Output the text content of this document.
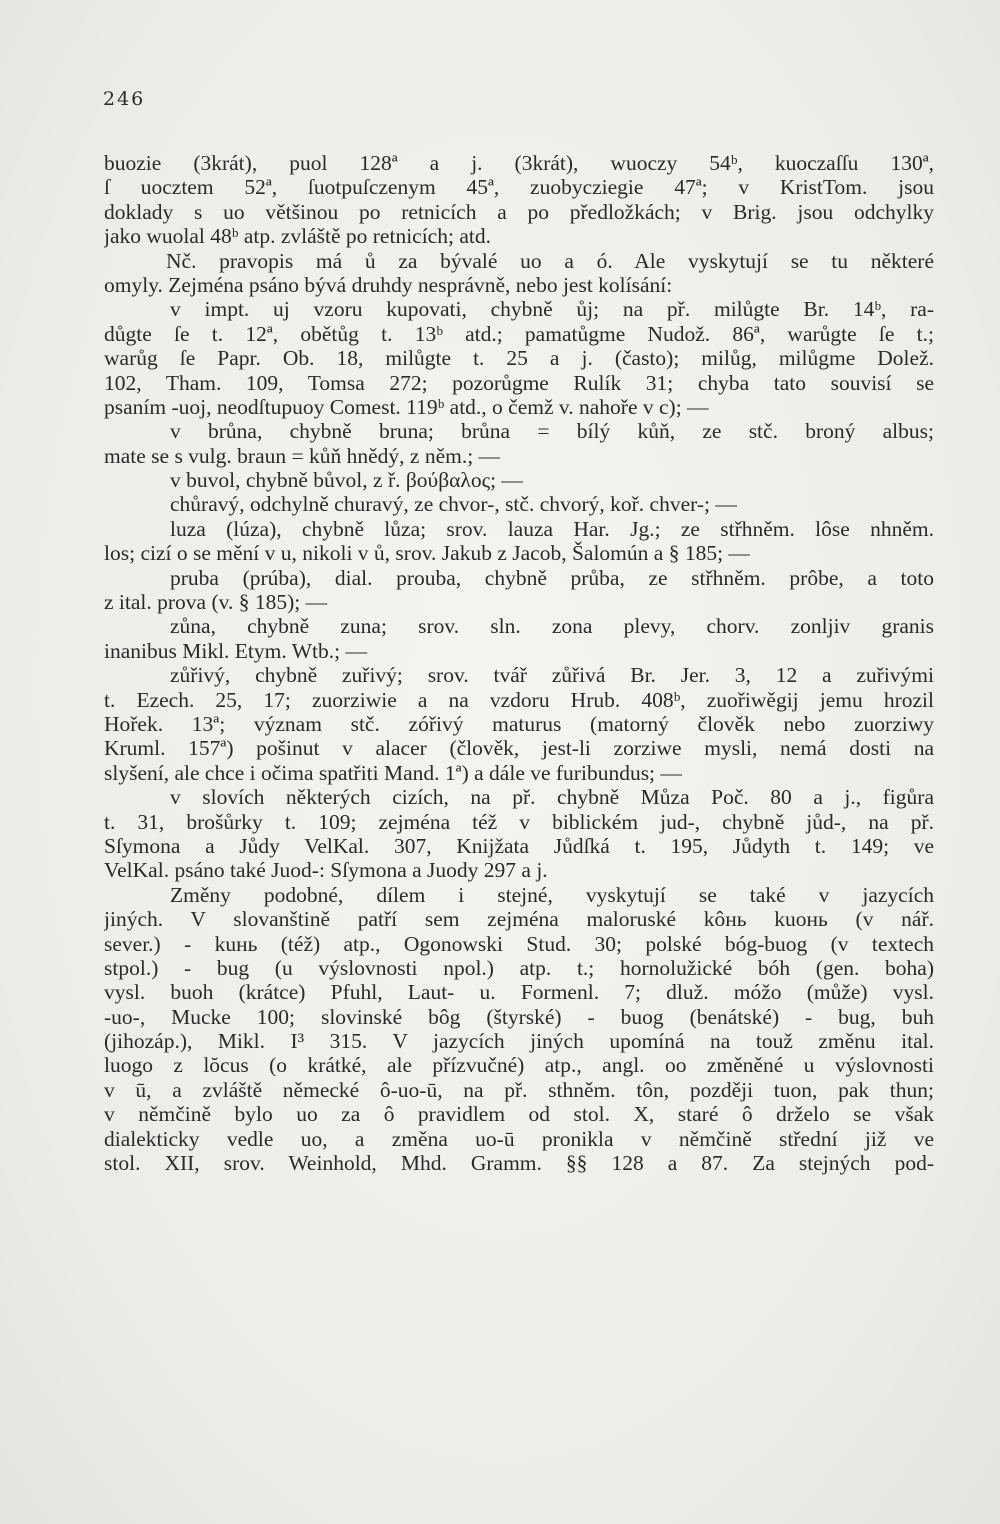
246
buozie (3krát), puol 128ª a j. (3krát), wuoczy 54ᵇ, kuoczaſſu 130ª,
ſ uocztem 52ª, ſuotpuſczenym 45ª, zuobycziegie 47ª; v KristTom. jsou
doklady s uo většinou po retnicích a po předložkách; v Brig. jsou odchylky
jako wuolal 48ᵇ atp. zvláště po retnicích; atd.
Nč. pravopis má ů za bývalé uo a ó. Ale vyskytují se tu některé
omyly. Zejména psáno bývá druhdy nesprávně, nebo jest kolísání:
v impt. uj vzoru kupovati, chybně ůj; na př. milůgte Br. 14ᵇ, ra-
důgte ſe t. 12ª, obětůg t. 13ᵇ atd.; pamatůgme Nudož. 86ª, warůgte ſe t.;
warůg ſe Papr. Ob. 18, milůgte t. 25 a j. (často); milůg, milůgme Dolež.
102, Tham. 109, Tomsa 272; pozorůgme Rulík 31; chyba tato souvisí se
psaním -uoj, neodſtupuoy Comest. 119ᵇ atd., o čemž v. nahoře v c); —
v brůna, chybně bruna; brůna = bílý kůň, ze stč. broný albus;
mate se s vulg. braun = kůň hnědý, z něm.; —
v buvol, chybně bůvol, z ř. βούβαλος; —
chůravý, odchylně churavý, ze chvor-, stč. chvorý, koř. chver-; —
luza (lúza), chybně lůza; srov. lauza Har. Jg.; ze stř​hněm. lôse nhněm.
los; cizí o se mění v u, nikoli v ů, srov. Jakub z Jacob, Šalomún a § 185; —
pruba (prúba), dial. prouba, chybně průba, ze stř​hněm. prôbe, a toto
z ital. prova (v. § 185); —
zůna, chybně zuna; srov. sln. zona plevy, chorv. zonljiv granis
inanibus Mikl. Etym. Wtb.; —
zůřivý, chybně zuřivý; srov. tvář zůřivá Br. Jer. 3, 12 a zuřivými
t. Ezech. 25, 17; zuorziwie a na vzdoru Hrub. 408ᵇ, zuořiwěgij jemu hrozil
Hořek. 13ª; význam stč. zóřivý maturus (matorný člověk nebo zuorziwy
Kruml. 157ª) pošinut v alacer (člověk, jest-li zorziwe mysli, nemá dosti na
slyšení, ale chce i očima spatřiti Mand. 1ª) a dále ve furibundus; —
v slovích některých cizích, na př. chybně Můza Poč. 80 a j., figůra
t. 31, brošůrky t. 109; zejména též v biblickém jud-, chybně jůd-, na př.
Sſymona a Jůdy VelKal. 307, Knijžata Jůdſká t. 195, Jůdyth t. 149; ve
VelKal. psáno také Juod-: Sſymona a Juody 297 a j.
Změny podobné, dílem i stejné, vyskytují se také v jazycích
jiných. V slovanštině patří sem zejména maloruské kôнь kuoнь (v nář.
sever.) - kuнь (též) atp., Ogonowski Stud. 30; polské bóg-buog (v textech
stpol.) - bug (u výslovnosti npol.) atp. t.; hornolužické bóh (gen. boha)
vysl. buoh (krátce) Pfuhl, Laut- u. Formenl. 7; dluž. móžo (může) vysl.
-uo-, Mucke 100; slovinské bôg (štyrské) - buog (benátské) - bug, buh
(jihozáp.), Mikl. I³ 315. V jazycích jiných upomíná na touž změnu ital.
luogo z lŏcus (o krátké, ale přízvučné) atp., angl. oo změněné u výslovnosti
v ū, a zvláště německé ô-uo-ū, na př. sthněm. tôn, později tuon, pak thun;
v němčině bylo uo za ô pravidlem od stol. X, staré ô drželo se však
dialekticky vedle uo, a změna uo-ū pronikla v němčině střední již ve
stol. XII, srov. Weinhold, Mhd. Gramm. §§ 128 a 87. Za stejných pod-
